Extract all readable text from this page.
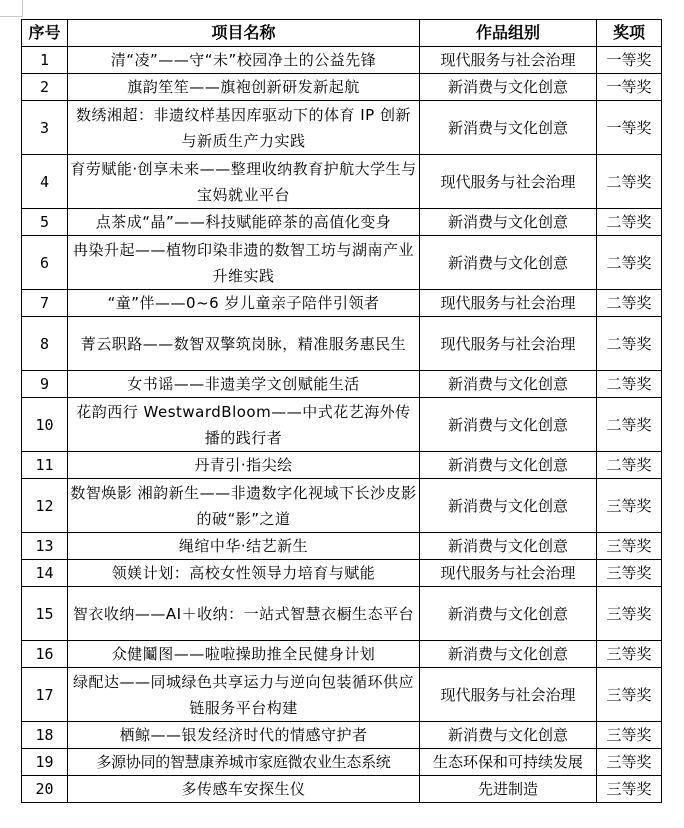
序号	项目名称	作品组别	奖项
1	清“凌”——守“未”校园净土的公益先锋	现代服务与社会治理	一等奖
2	旗韵笙笙——旗袍创新研发新起航	新消费与文化创意	一等奖
3	数绣湘超：非遗纹样基因库驱动下的体育 IP 创新与新质生产力实践	新消费与文化创意	一等奖
4	育劳赋能·创享未来——整理收纳教育护航大学生与宝妈就业平台	现代服务与社会治理	二等奖
5	点茶成“晶”——科技赋能碎茶的高值化变身	新消费与文化创意	二等奖
6	冉染升起——植物印染非遗的数智工坊与湖南产业升维实践	新消费与文化创意	二等奖
7	“童”伴——0~6 岁儿童亲子陪伴引领者	现代服务与社会治理	二等奖
8	菁云职路——数智双擎筑岗脉，精准服务惠民生	现代服务与社会治理	二等奖
9	女书谣——非遗美学文创赋能生活	新消费与文化创意	二等奖
10	花韵西行 WestwardBloom——中式花艺海外传播的践行者	新消费与文化创意	二等奖
11	丹青引·指尖绘	新消费与文化创意	二等奖
12	数智焕影 湘韵新生——非遗数字化视域下长沙皮影的破“影”之道	新消费与文化创意	三等奖
13	绳绾中华·结艺新生	新消费与文化创意	三等奖
14	领媄计划：高校女性领导力培育与赋能	现代服务与社会治理	三等奖
15	智衣收纳——AI＋收纳：一站式智慧衣橱生态平台	新消费与文化创意	三等奖
16	众健鬮图——啦啦操助推全民健身计划	新消费与文化创意	三等奖
17	绿配达——同城绿色共享运力与逆向包装循环供应链服务平台构建	现代服务与社会治理	三等奖
18	栖鲸——银发经济时代的情感守护者	新消费与文化创意	三等奖
19	多源协同的智慧康养城市家庭微农业生态系统	生态环保和可持续发展	三等奖
20	多传感车安探生仪	先进制造	三等奖
